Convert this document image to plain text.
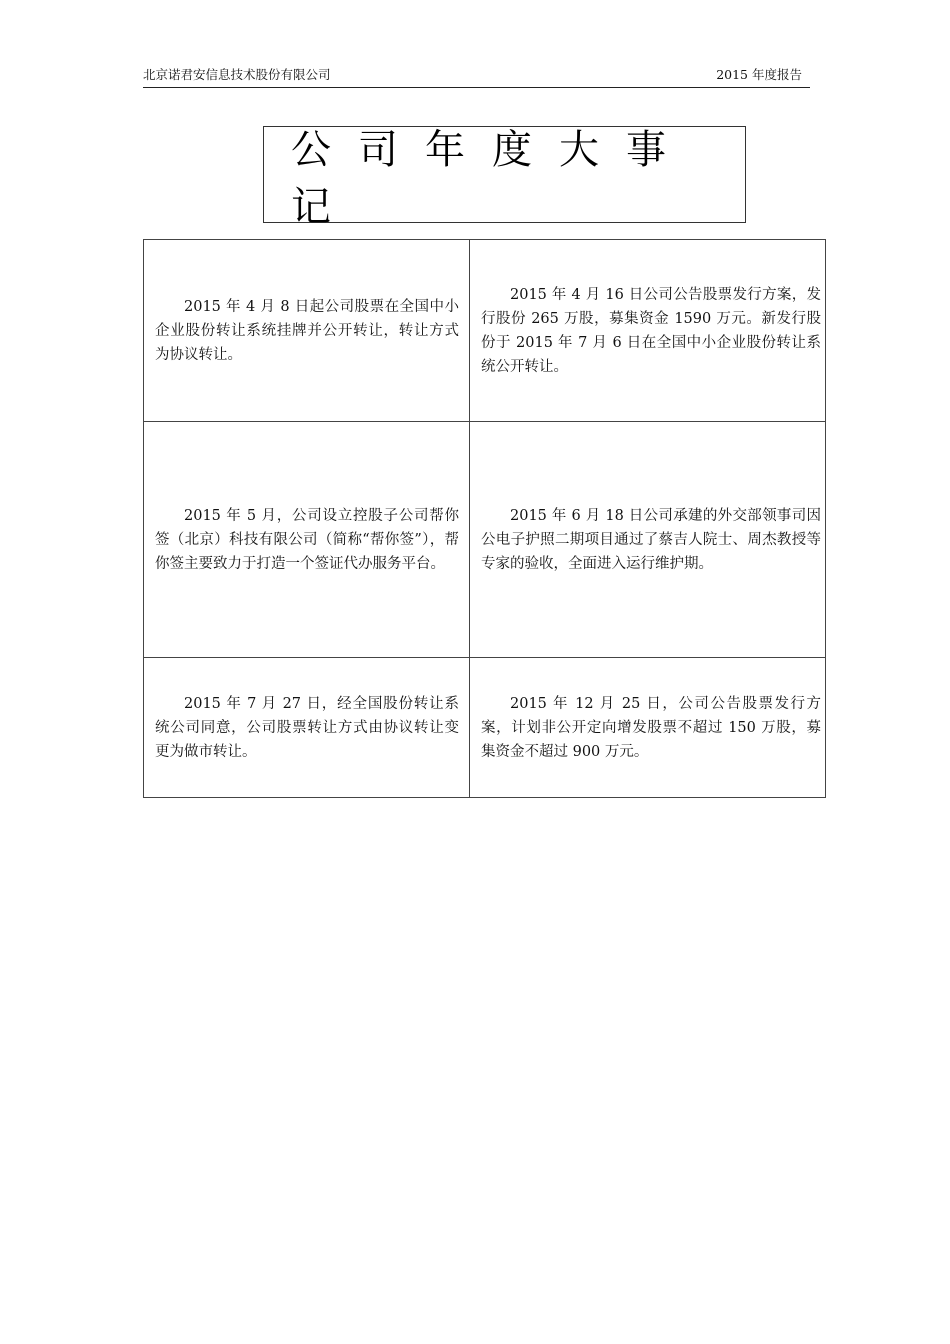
北京诺君安信息技术股份有限公司	2015 年度报告
公司年度大事记

2015 年 4 月 8 日起公司股票在全国中小企业股份转让系统挂牌并公开转让，转让方式为协议转让。	2015 年 4 月 16 日公司公告股票发行方案，发行股份 265 万股，募集资金 1590 万元。新发行股份于 2015 年 7 月 6 日在全国中小企业股份转让系统公开转让。

2015 年 5 月，公司设立控股子公司帮你签（北京）科技有限公司（简称“帮你签”），帮你签主要致力于打造一个签证代办服务平台。	2015 年 6 月 18 日公司承建的外交部领事司因公电子护照二期项目通过了蔡吉人院士、周杰教授等专家的验收，全面进入运行维护期。

2015 年 7 月 27 日，经全国股份转让系统公司同意，公司股票转让方式由协议转让变更为做市转让。	2015 年 12 月 25 日，公司公告股票发行方案，计划非公开定向增发股票不超过 150 万股，募集资金不超过 900 万元。
